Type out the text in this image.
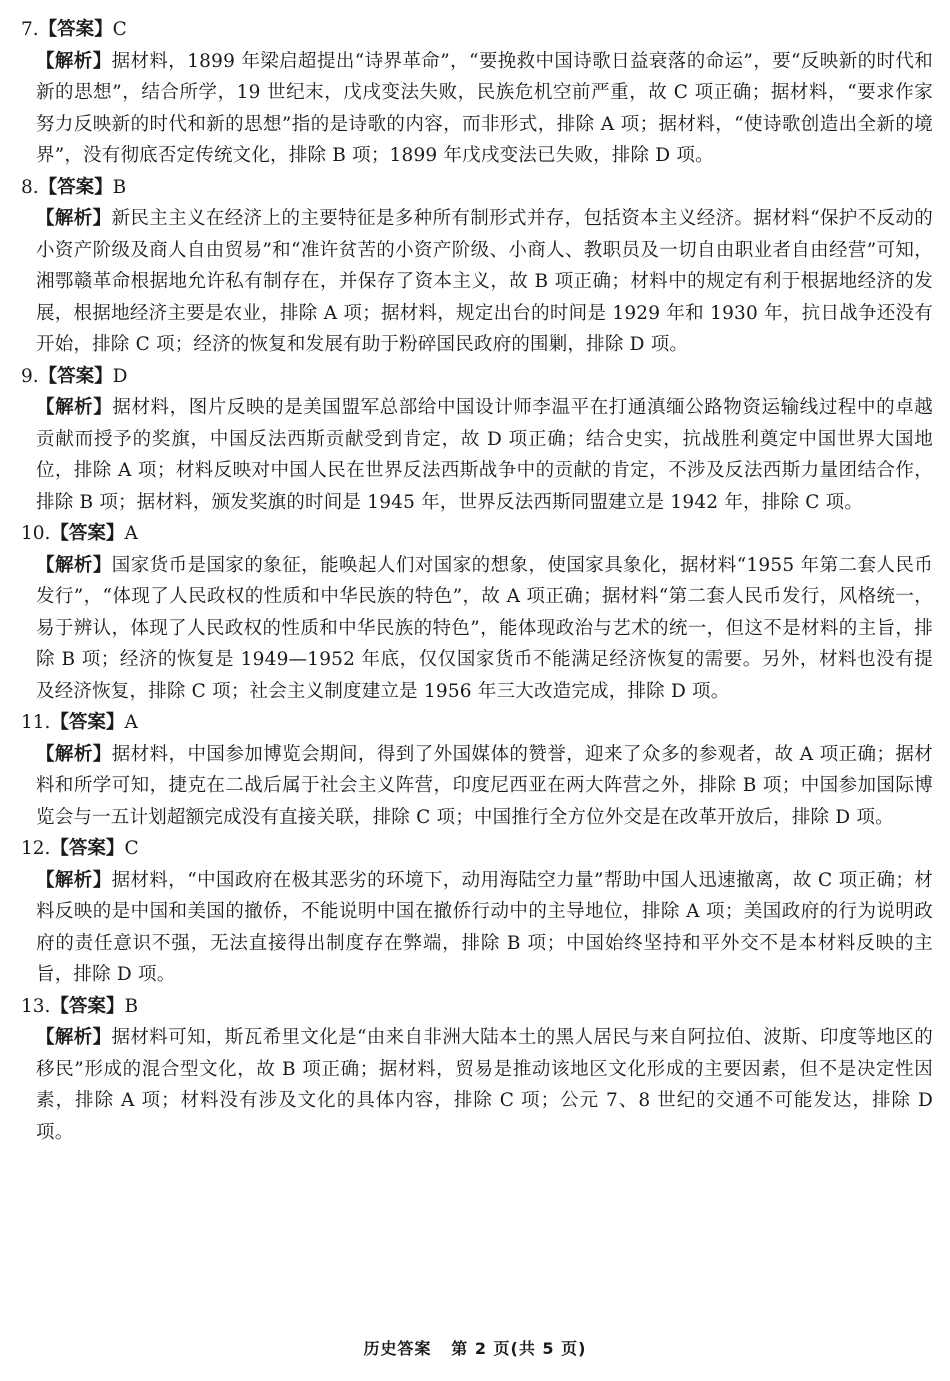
7.【答案】C
【解析】据材料，1899 年梁启超提出“诗界革命”，“要挽救中国诗歌日益衰落的命运”，要“反映新的时代和新的思想”，结合所学，19 世纪末，戊戌变法失败，民族危机空前严重，故 C 项正确；据材料，“要求作家努力反映新的时代和新的思想”指的是诗歌的内容，而非形式，排除 A 项；据材料，“使诗歌创造出全新的境界”，没有彻底否定传统文化，排除 B 项；1899 年戊戌变法已失败，排除 D 项。
8.【答案】B
【解析】新民主主义在经济上的主要特征是多种所有制形式并存，包括资本主义经济。据材料“保护不反动的小资产阶级及商人自由贸易”和“准许贫苦的小资产阶级、小商人、教职员及一切自由职业者自由经营”可知，湘鄂赣革命根据地允许私有制存在，并保存了资本主义，故 B 项正确；材料中的规定有利于根据地经济的发展，根据地经济主要是农业，排除 A 项；据材料，规定出台的时间是 1929 年和 1930 年，抗日战争还没有开始，排除 C 项；经济的恢复和发展有助于粉碎国民政府的围剿，排除 D 项。
9.【答案】D
【解析】据材料，图片反映的是美国盟军总部给中国设计师李温平在打通滇缅公路物资运输线过程中的卓越贡献而授予的奖旗，中国反法西斯贡献受到肯定，故 D 项正确；结合史实，抗战胜利奠定中国世界大国地位，排除 A 项；材料反映对中国人民在世界反法西斯战争中的贡献的肯定，不涉及反法西斯力量团结合作，排除 B 项；据材料，颁发奖旗的时间是 1945 年，世界反法西斯同盟建立是 1942 年，排除 C 项。
10.【答案】A
【解析】国家货币是国家的象征，能唤起人们对国家的想象，使国家具象化，据材料“1955 年第二套人民币发行”，“体现了人民政权的性质和中华民族的特色”，故 A 项正确；据材料“第二套人民币发行，风格统一，易于辨认，体现了人民政权的性质和中华民族的特色”，能体现政治与艺术的统一，但这不是材料的主旨，排除 B 项；经济的恢复是 1949—1952 年底，仅仅国家货币不能满足经济恢复的需要。另外，材料也没有提及经济恢复，排除 C 项；社会主义制度建立是 1956 年三大改造完成，排除 D 项。
11.【答案】A
【解析】据材料，中国参加博览会期间，得到了外国媒体的赞誉，迎来了众多的参观者，故 A 项正确；据材料和所学可知，捷克在二战后属于社会主义阵营，印度尼西亚在两大阵营之外，排除 B 项；中国参加国际博览会与一五计划超额完成没有直接关联，排除 C 项；中国推行全方位外交是在改革开放后，排除 D 项。
12.【答案】C
【解析】据材料，“中国政府在极其恶劣的环境下，动用海陆空力量”帮助中国人迅速撤离，故 C 项正确；材料反映的是中国和美国的撤侨，不能说明中国在撤侨行动中的主导地位，排除 A 项；美国政府的行为说明政府的责任意识不强，无法直接得出制度存在弊端，排除 B 项；中国始终坚持和平外交不是本材料反映的主旨，排除 D 项。
13.【答案】B
【解析】据材料可知，斯瓦希里文化是“由来自非洲大陆本土的黑人居民与来自阿拉伯、波斯、印度等地区的移民”形成的混合型文化，故 B 项正确；据材料，贸易是推动该地区文化形成的主要因素，但不是决定性因素，排除 A 项；材料没有涉及文化的具体内容，排除 C 项；公元 7、8 世纪的交通不可能发达，排除 D 项。
历史答案 第 2 页(共 5 页)
